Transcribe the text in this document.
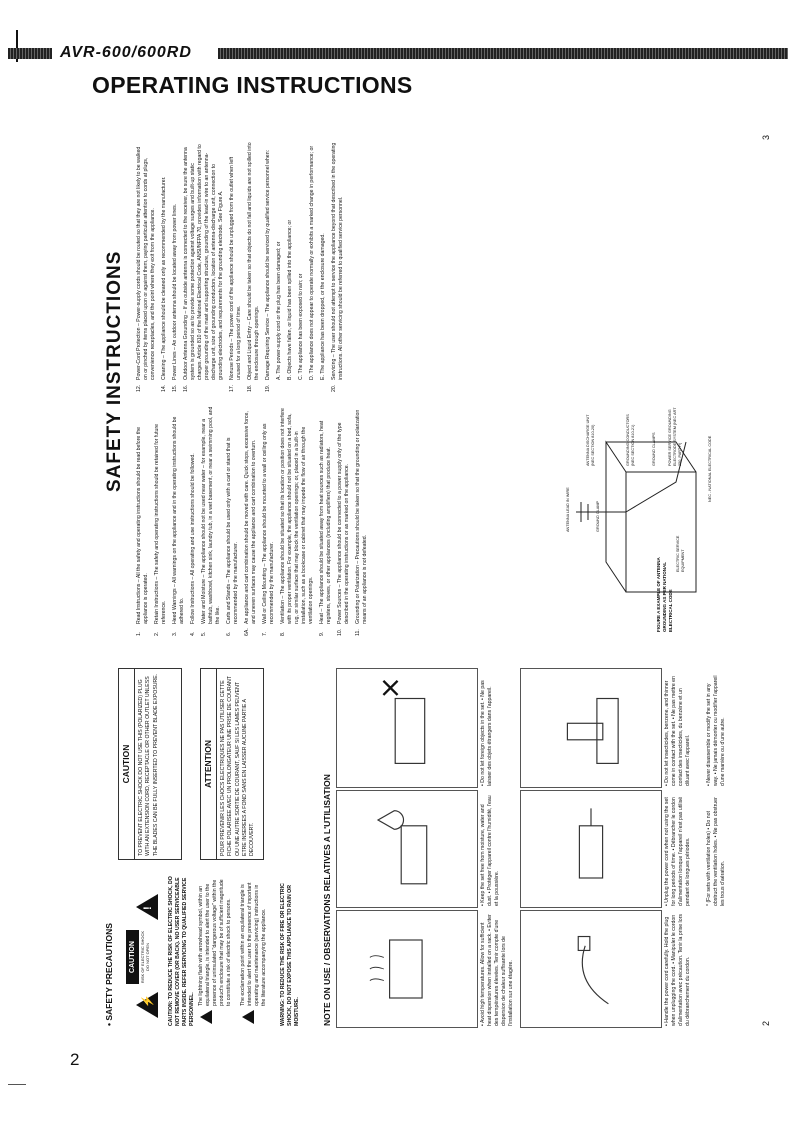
AVR-600/600RD
OPERATING INSTRUCTIONS
• SAFETY PRECAUTIONS	⚡
CAUTION	RISK OF ELECTRIC SHOCK DO NOT OPEN
!	CAUTION: TO REDUCE THE RISK OF ELECTRIC SHOCK, DO NOT REMOVE COVER (OR BACK). NO USER SERVICEABLE PARTS INSIDE. REFER SERVICING TO QUALIFIED SERVICE PERSONNEL.
The lightning flash with arrowhead symbol, within an equilateral triangle, is intended to alert the user to the presence of uninsulated "dangerous voltage" within the product's enclosure that may be of sufficient magnitude to constitute a risk of electric shock to persons. The exclamation point within an equilateral triangle is intended to alert the user to the presence of important operating and maintenance (servicing) instructions in the literature accompanying the appliance. WARNING: TO REDUCE THE RISK OF FIRE OR ELECTRIC SHOCK, DO NOT EXPOSE THIS APPLIANCE TO RAIN OR MOISTURE.
CAUTION	TO PREVENT ELECTRIC SHOCK DO NOT USE THIS (POLARIZED) PLUG WITH AN EXTENSION CORD, RECEPTACLE OR OTHER OUTLET UNLESS THE BLADES CAN BE FULLY INSERTED TO PREVENT BLADE EXPOSURE.	ATTENTION	POUR PREVENIR LES CHOCS ELECTRIQUES NE PAS UTILISER CETTE FICHE POLARISEE AVEC UN PROLONGATEUR UNE PRISE DE COURANT OU UNE AUTRE SORTIE DE COURANT, SAUF SI LES LAMES PEUVENT ETRE INSEREES A FOND SANS EN LAISSER AUCUNE PARTIE A DECOUVERT.	NOTE ON USE / OBSERVATIONS RELATIVES A L'UTILISATION	• Avoid high temperatures. Allow for sufficient heat dispersion when installed on a rack. • Eviter des températures élevées. Tenir compte d'une dispersion de chaleur suffisante lors de l'installation sur une étagère.
• Keep the set free from moisture, water and dust. • Protéger l'appareil contre l'humidité, l'eau et la poussière.
• Do not let foreign objects in the set. • Ne pas laisser des objets étrangers dans l'appareil.
• Handle the power cord carefully. Hold the plug when unplugging the cord. • Manipuler le cordon d'alimentation avec précaution. Tenir la prise lors du débranchement du cordon.
• Unplug the power cord when not using the set for long periods of time. • Débrancher le cordon d'alimentation lorsque l'appareil n'est pas utilisé pendant de longues périodes.
• Do not let insecticides, benzene, and thinner come in contact with the set. • Ne pas mettre en contact des insecticides, du benzène et un diluant avec l'appareil.
* (For sets with ventilation holes) • Do not obstruct the ventilation holes. • Ne pas obstruer les trous d'aération.
• Never disassemble or modify the set in any way. • Ne jamais démonter ou modifier l'appareil d'une manière ou d'une autre.
2
SAFETY INSTRUCTIONS
1.
Read Instructions – All the safety and operating instructions should be read before the appliance is operated.
2.
Retain Instructions – The safety and operating instructions should be retained for future reference.
3.
Heed Warnings – All warnings on the appliance and in the operating instructions should be adhered to.
4.
Follow Instructions – All operating and use instructions should be followed.
5.
Water and Moisture – The appliance should not be used near water – for example, near a bathtub, washbowl, kitchen sink, laundry tub, in a wet basement, or near a swimming pool, and the like.
6.
Carts and Stands – The appliance should be used only with a cart or stand that is recommended by the manufacturer.
6A.
An appliance and cart combination should be moved with care. Quick stops, excessive force, and uneven surfaces may cause the appliance and cart combination to overturn.
7.
Wall or Ceiling Mounting – The appliance should be mounted to a wall or ceiling only as recommended by the manufacturer.
8.
Ventilation – The appliance should be situated so that its location or position does not interfere with its proper ventilation. For example, the appliance should not be situated on a bed, sofa, rug, or similar surface that may block the ventilation openings; or, placed in a built-in installation, such as a bookcase or cabinet that may impede the flow of air through the ventilation openings.
9.
Heat – The appliance should be situated away from heat sources such as radiators, heat registers, stoves, or other appliances (including amplifiers) that produce heat.
10.
Power Sources – The appliance should be connected to a power supply only of the type described in the operating instructions or as marked on the appliance.
11.
Grounding or Polarization – Precautions should be taken so that the grounding or polarization means of an appliance is not defeated.	FIGURE A EXAMPLE OF ANTENNA GROUNDING AS PER NATIONAL ELECTRICAL CODE
ANTENNA LEAD IN WIRE	GROUND CLAMP
ANTENNA DISCHARGE UNIT (NEC SECTION 810-20)
ELECTRIC SERVICE EQUIPMENT
GROUNDING CONDUCTORS (NEC SECTION 810-21)	GROUND CLAMPS	POWER SERVICE GROUNDING ELECTRODE SYSTEM (NEC ART 250, PART H)	NEC - NATIONAL ELECTRICAL CODE
12.
Power-Cord Protection – Power-supply cords should be routed so that they are not likely to be walked on or pinched by items placed upon or against them, paying particular attention to cords at plugs, convenience receptacles, and the point where they exit from the appliance.
14.
Cleaning – The appliance should be cleaned only as recommended by the manufacturer.
15.
Power Lines – An outdoor antenna should be located away from power lines.
16.
Outdoor Antenna Grounding – If an outside antenna is connected to the receiver, be sure the antenna system is grounded so as to provide some protection against voltage surges and built-up static charges. Article 810 of the National Electrical Code, ANSI/NFPA 70, provides information with regard to proper grounding of the mast and supporting structure, grounding of the lead-in wire to an antenna-discharge unit, size of grounding conductors, location of antenna-discharge unit, connection to grounding electrodes, and requirements for the grounding electrode. See Figure A.
17.
Nonuse Periods – The power cord of the appliance should be unplugged from the outlet when left unused for a long period of time.
18.
Object and Liquid Entry – Care should be taken so that objects do not fall and liquids are not spilled into the enclosure through openings.
19.
Damage Requiring Service – The appliance should be serviced by qualified service personnel when: A. The power-supply cord or the plug has been damaged; or B. Objects have fallen, or liquid has been spilled into the appliance; or C. The appliance has been exposed to rain; or D. The appliance does not appear to operate normally or exhibits a marked change in performance; or E. The appliance has been dropped, or the enclosure damaged.
20.
Servicing – The user should not attempt to service the appliance beyond that described in the operating instructions. All other servicing should be referred to qualified service personnel.
3
2
